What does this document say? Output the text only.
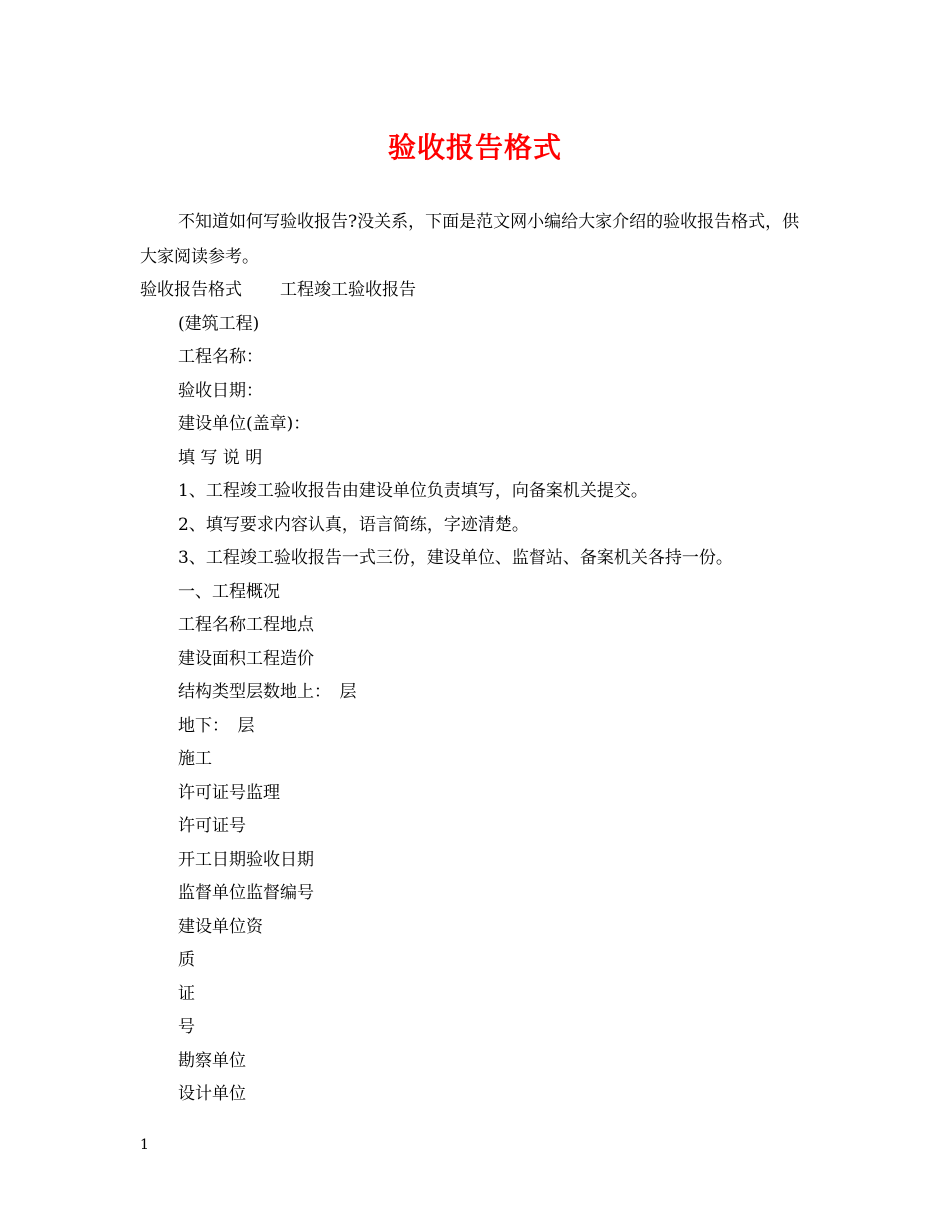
验收报告格式
不知道如何写验收报告?没关系，下面是范文网小编给大家介绍的验收报告格式，供大家阅读参考。
验收报告格式 工程竣工验收报告
(建筑工程)
工程名称：
验收日期：
建设单位(盖章)：
填 写 说 明
1、工程竣工验收报告由建设单位负责填写，向备案机关提交。
2、填写要求内容认真，语言简练，字迹清楚。
3、工程竣工验收报告一式三份，建设单位、监督站、备案机关各持一份。
一、工程概况
工程名称工程地点
建设面积工程造价
结构类型层数地上：　层
地下：　层
施工
许可证号监理
许可证号
开工日期验收日期
监督单位监督编号
建设单位资
质
证
号
勘察单位
设计单位
1
